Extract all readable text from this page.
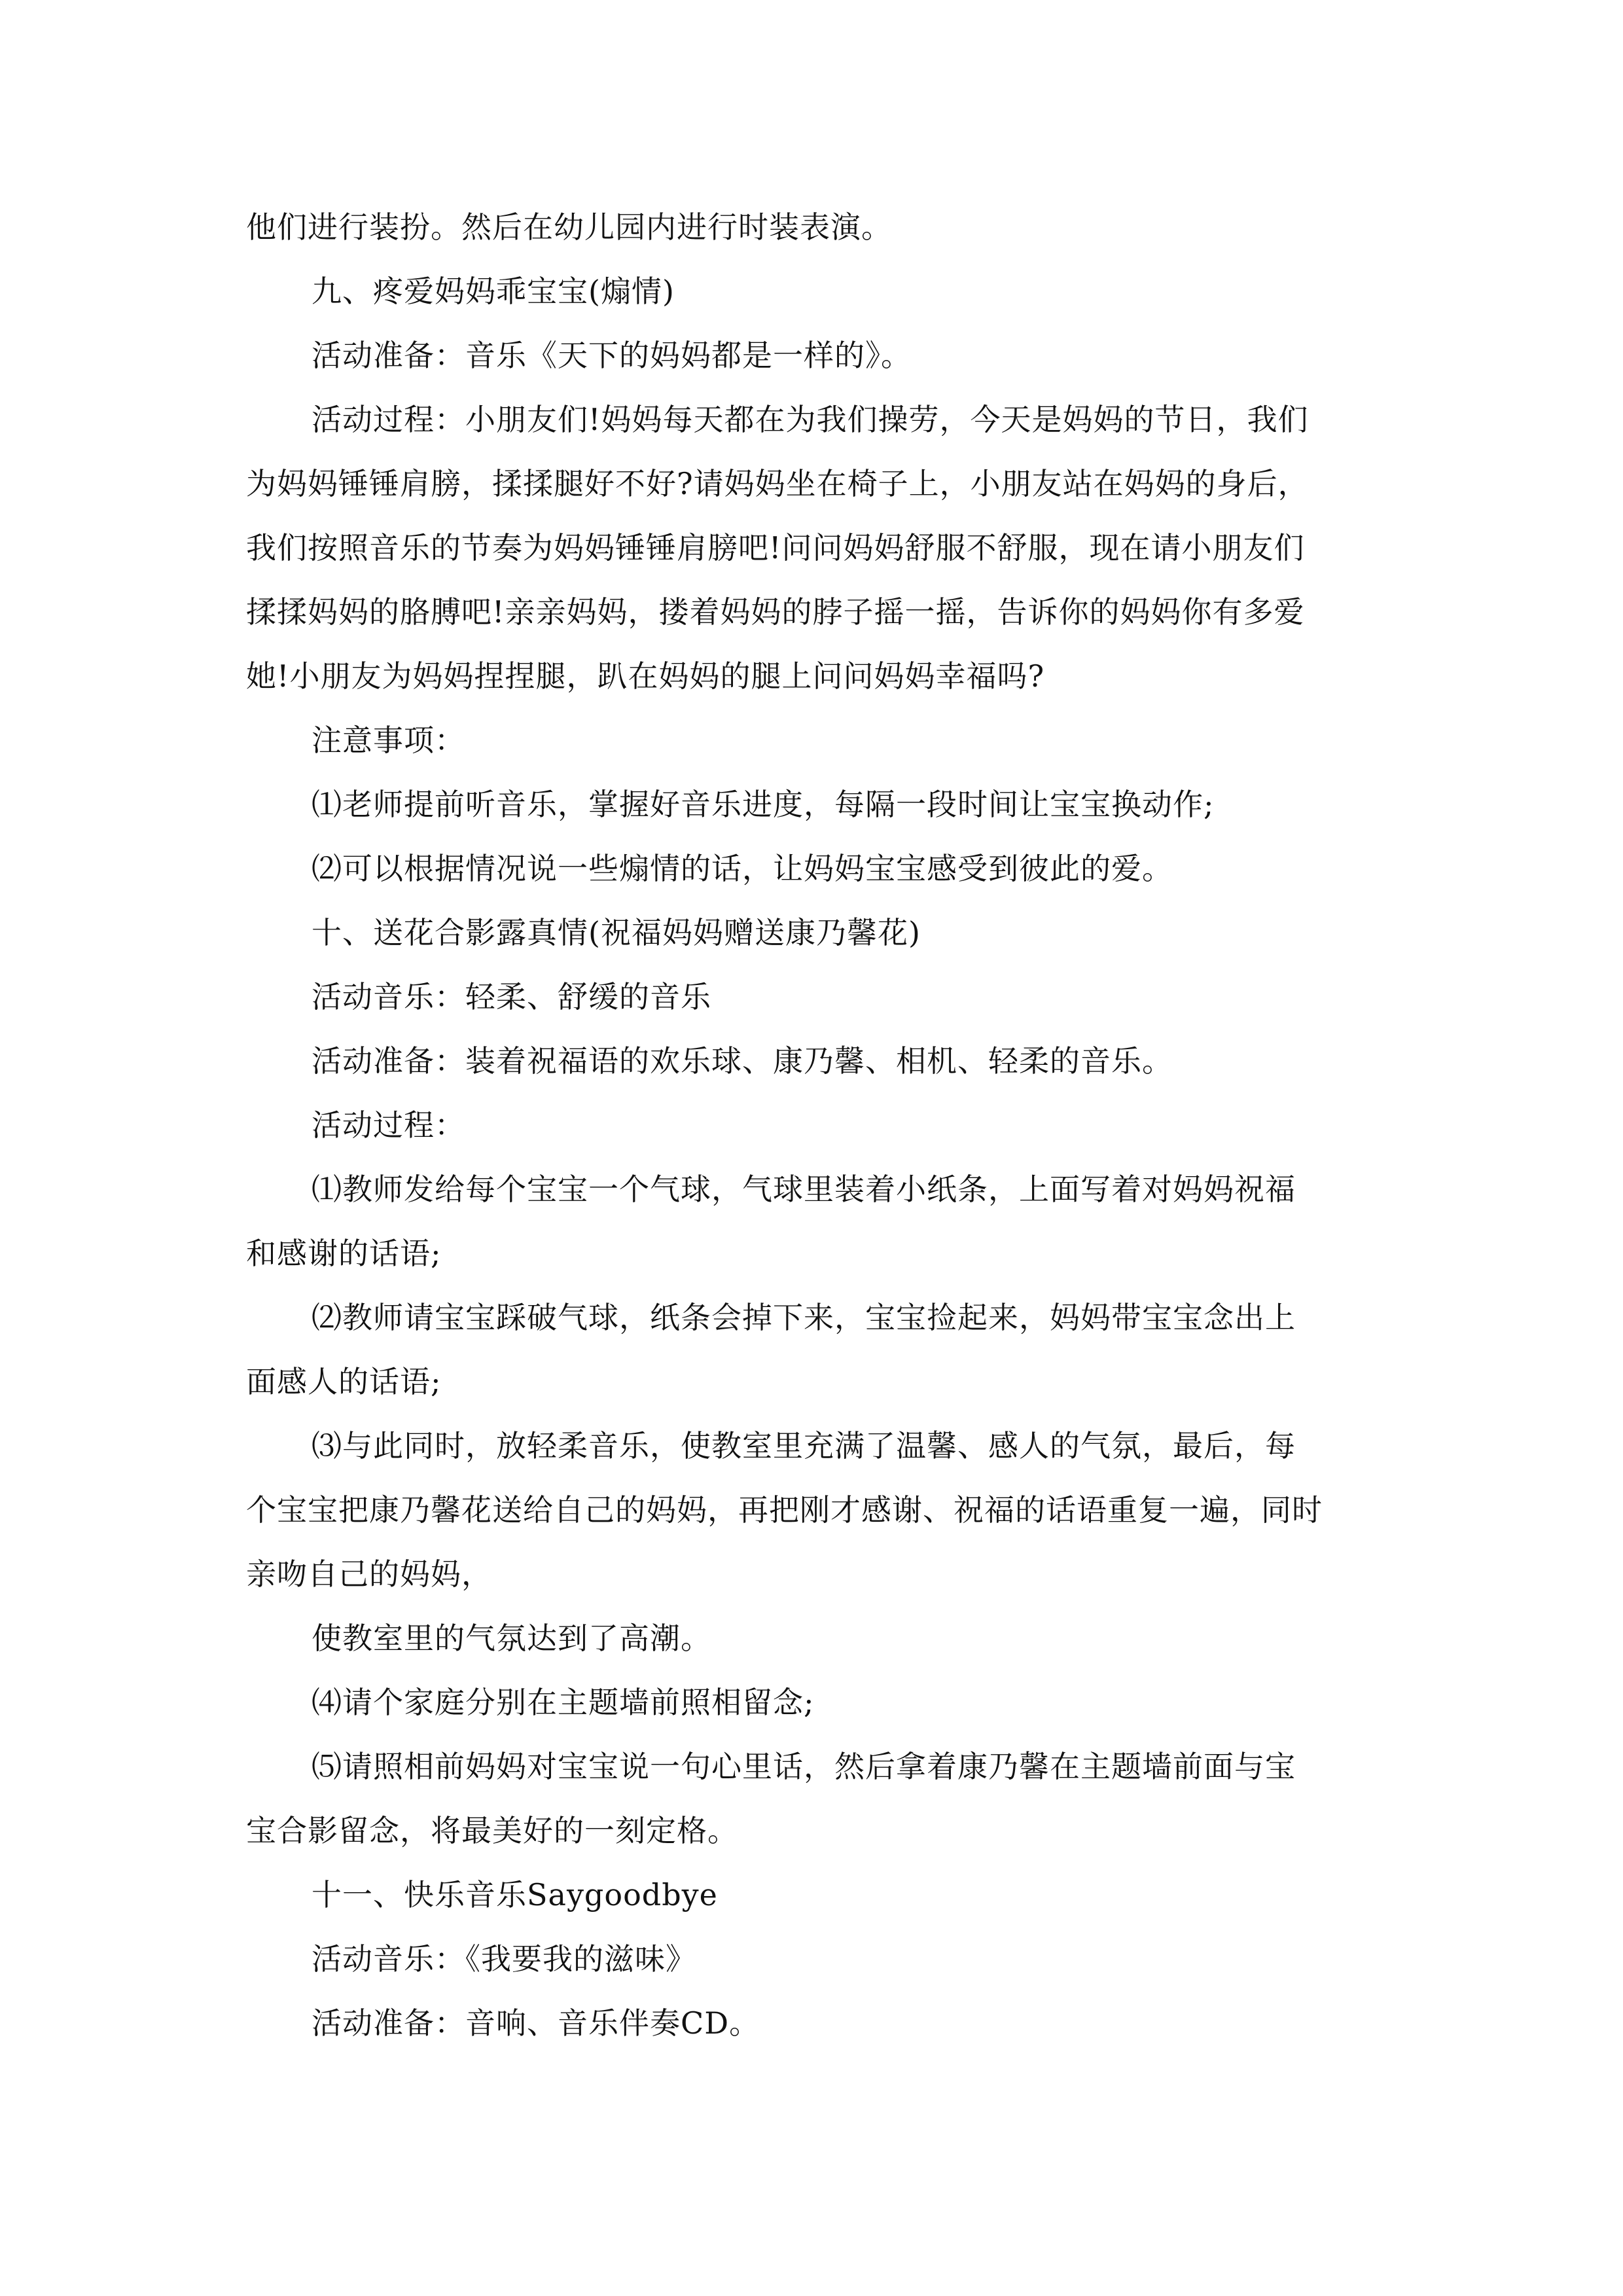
他们进行装扮。然后在幼儿园内进行时装表演。
九、疼爱妈妈乖宝宝(煽情)
活动准备：音乐《天下的妈妈都是一样的》。
活动过程：小朋友们!妈妈每天都在为我们操劳，今天是妈妈的节日，我们
为妈妈锤锤肩膀，揉揉腿好不好?请妈妈坐在椅子上，小朋友站在妈妈的身后，
我们按照音乐的节奏为妈妈锤锤肩膀吧!问问妈妈舒服不舒服，现在请小朋友们
揉揉妈妈的胳膊吧!亲亲妈妈，搂着妈妈的脖子摇一摇，告诉你的妈妈你有多爱
她!小朋友为妈妈捏捏腿，趴在妈妈的腿上问问妈妈幸福吗?
注意事项：
⑴老师提前听音乐，掌握好音乐进度，每隔一段时间让宝宝换动作;
⑵可以根据情况说一些煽情的话，让妈妈宝宝感受到彼此的爱。
十、送花合影露真情(祝福妈妈赠送康乃馨花)
活动音乐：轻柔、舒缓的音乐
活动准备：装着祝福语的欢乐球、康乃馨、相机、轻柔的音乐。
活动过程：
⑴教师发给每个宝宝一个气球，气球里装着小纸条，上面写着对妈妈祝福
和感谢的话语;
⑵教师请宝宝踩破气球，纸条会掉下来，宝宝捡起来，妈妈带宝宝念出上
面感人的话语;
⑶与此同时，放轻柔音乐，使教室里充满了温馨、感人的气氛，最后，每
个宝宝把康乃馨花送给自己的妈妈，再把刚才感谢、祝福的话语重复一遍，同时
亲吻自己的妈妈，
使教室里的气氛达到了高潮。
⑷请个家庭分别在主题墙前照相留念;
⑸请照相前妈妈对宝宝说一句心里话，然后拿着康乃馨在主题墙前面与宝
宝合影留念，将最美好的一刻定格。
十一、快乐音乐Saygoodbye
活动音乐：《我要我的滋味》
活动准备：音响、音乐伴奏CD。
